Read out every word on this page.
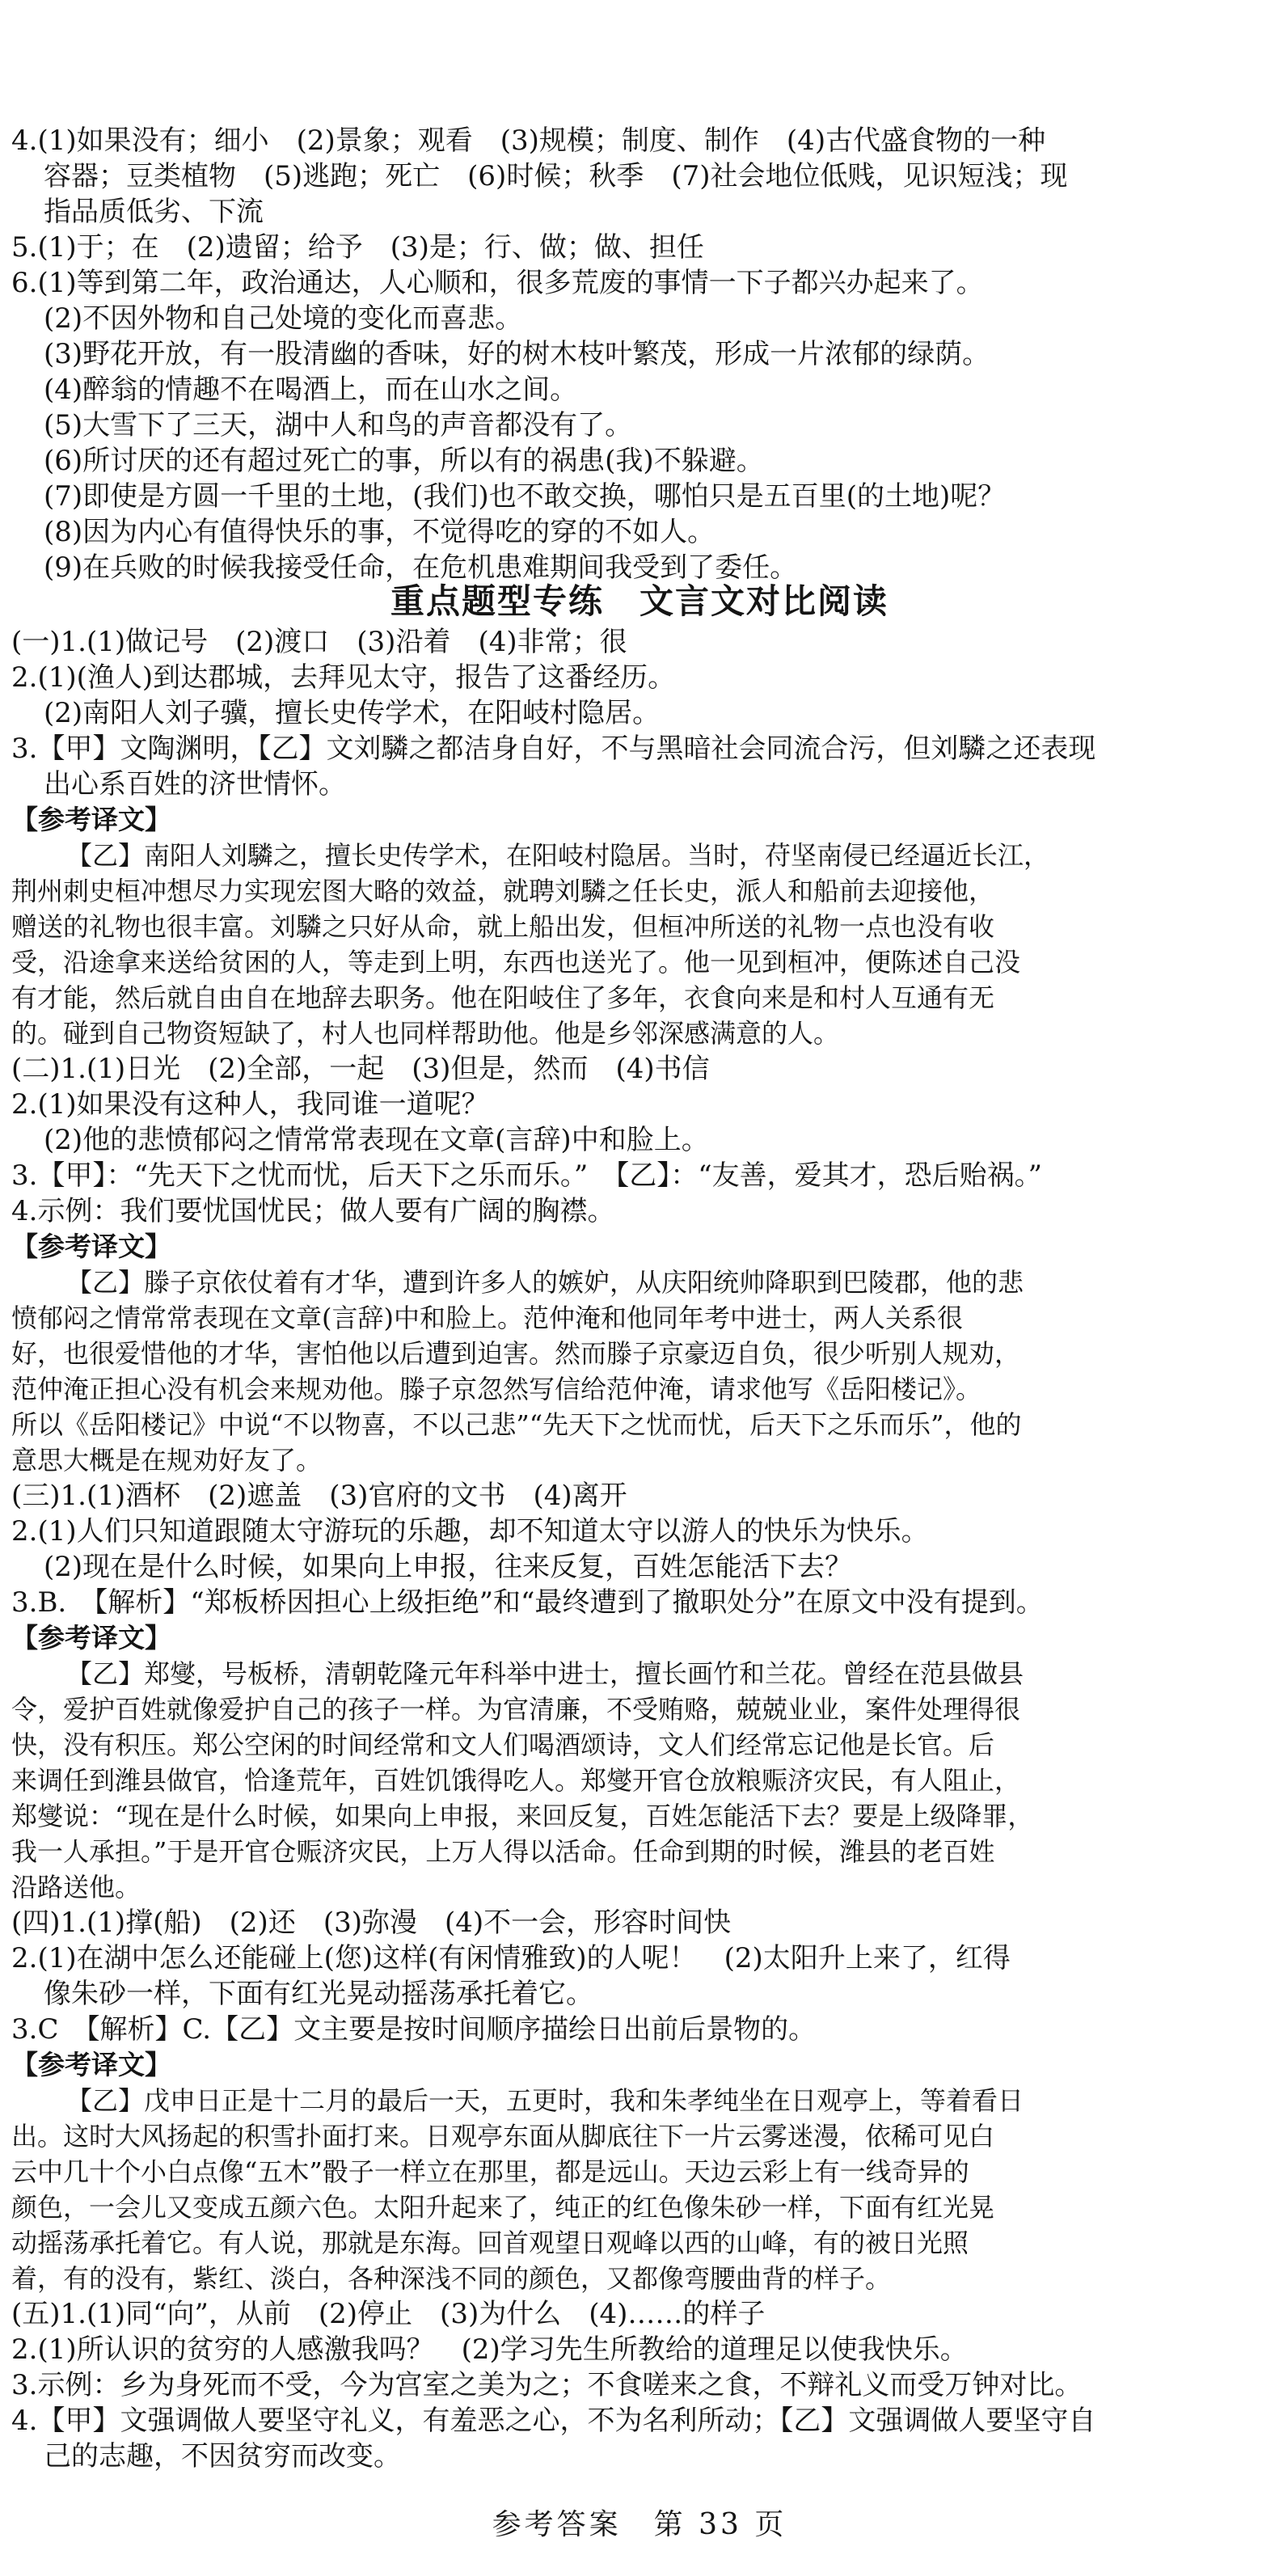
4.(1)如果没有；细小　(2)景象；观看　(3)规模；制度、制作　(4)古代盛食物的一种
容器；豆类植物　(5)逃跑；死亡　(6)时候；秋季　(7)社会地位低贱，见识短浅；现
指品质低劣、下流
5.(1)于；在　(2)遗留；给予　(3)是；行、做；做、担任
6.(1)等到第二年，政治通达，人心顺和，很多荒废的事情一下子都兴办起来了。
(2)不因外物和自己处境的变化而喜悲。
(3)野花开放，有一股清幽的香味，好的树木枝叶繁茂，形成一片浓郁的绿荫。
(4)醉翁的情趣不在喝酒上，而在山水之间。
(5)大雪下了三天，湖中人和鸟的声音都没有了。
(6)所讨厌的还有超过死亡的事，所以有的祸患(我)不躲避。
(7)即使是方圆一千里的土地，(我们)也不敢交换，哪怕只是五百里(的土地)呢？
(8)因为内心有值得快乐的事，不觉得吃的穿的不如人。
(9)在兵败的时候我接受任命，在危机患难期间我受到了委任。
重点题型专练　文言文对比阅读
(一)1.(1)做记号　(2)渡口　(3)沿着　(4)非常；很
2.(1)(渔人)到达郡城，去拜见太守，报告了这番经历。
(2)南阳人刘子骥，擅长史传学术，在阳岐村隐居。
3.【甲】文陶渊明，【乙】文刘驎之都洁身自好，不与黑暗社会同流合污，但刘驎之还表现
出心系百姓的济世情怀。
【参考译文】
【乙】南阳人刘驎之，擅长史传学术，在阳岐村隐居。当时，苻坚南侵已经逼近长江，
荆州刺史桓冲想尽力实现宏图大略的效益，就聘刘驎之任长史，派人和船前去迎接他，
赠送的礼物也很丰富。刘驎之只好从命，就上船出发，但桓冲所送的礼物一点也没有收
受，沿途拿来送给贫困的人，等走到上明，东西也送光了。他一见到桓冲，便陈述自己没
有才能，然后就自由自在地辞去职务。他在阳岐住了多年，衣食向来是和村人互通有无
的。碰到自己物资短缺了，村人也同样帮助他。他是乡邻深感满意的人。
(二)1.(1)日光　(2)全部，一起　(3)但是，然而　(4)书信
2.(1)如果没有这种人，我同谁一道呢？
(2)他的悲愤郁闷之情常常表现在文章(言辞)中和脸上。
3.【甲】：“先天下之忧而忧，后天下之乐而乐。”　【乙】：“友善，爱其才，恐后贻祸。”
4.示例：我们要忧国忧民；做人要有广阔的胸襟。
【参考译文】
【乙】滕子京依仗着有才华，遭到许多人的嫉妒，从庆阳统帅降职到巴陵郡，他的悲
愤郁闷之情常常表现在文章(言辞)中和脸上。范仲淹和他同年考中进士，两人关系很
好，也很爱惜他的才华，害怕他以后遭到迫害。然而滕子京豪迈自负，很少听别人规劝，
范仲淹正担心没有机会来规劝他。滕子京忽然写信给范仲淹，请求他写《岳阳楼记》。
所以《岳阳楼记》中说“不以物喜，不以己悲”“先天下之忧而忧，后天下之乐而乐”，他的
意思大概是在规劝好友了。
(三)1.(1)酒杯　(2)遮盖　(3)官府的文书　(4)离开
2.(1)人们只知道跟随太守游玩的乐趣，却不知道太守以游人的快乐为快乐。
(2)现在是什么时候，如果向上申报，往来反复，百姓怎能活下去？
3.B.　【解析】“郑板桥因担心上级拒绝”和“最终遭到了撤职处分”在原文中没有提到。
【参考译文】
【乙】郑燮，号板桥，清朝乾隆元年科举中进士，擅长画竹和兰花。曾经在范县做县
令，爱护百姓就像爱护自己的孩子一样。为官清廉，不受贿赂，兢兢业业，案件处理得很
快，没有积压。郑公空闲的时间经常和文人们喝酒颂诗，文人们经常忘记他是长官。后
来调任到潍县做官，恰逢荒年，百姓饥饿得吃人。郑燮开官仓放粮赈济灾民，有人阻止，
郑燮说：“现在是什么时候，如果向上申报，来回反复，百姓怎能活下去？要是上级降罪，
我一人承担。”于是开官仓赈济灾民，上万人得以活命。任命到期的时候，潍县的老百姓
沿路送他。
(四)1.(1)撑(船)　(2)还　(3)弥漫　(4)不一会，形容时间快
2.(1)在湖中怎么还能碰上(您)这样(有闲情雅致)的人呢！　(2)太阳升上来了，红得
像朱砂一样，下面有红光晃动摇荡承托着它。
3.C　【解析】C.【乙】文主要是按时间顺序描绘日出前后景物的。
【参考译文】
【乙】戊申日正是十二月的最后一天，五更时，我和朱孝纯坐在日观亭上，等着看日
出。这时大风扬起的积雪扑面打来。日观亭东面从脚底往下一片云雾迷漫，依稀可见白
云中几十个小白点像“五木”骰子一样立在那里，都是远山。天边云彩上有一线奇异的
颜色，一会儿又变成五颜六色。太阳升起来了，纯正的红色像朱砂一样，下面有红光晃
动摇荡承托着它。有人说，那就是东海。回首观望日观峰以西的山峰，有的被日光照
着，有的没有，紫红、淡白，各种深浅不同的颜色，又都像弯腰曲背的样子。
(五)1.(1)同“向”，从前　(2)停止　(3)为什么　(4)……的样子
2.(1)所认识的贫穷的人感激我吗？　(2)学习先生所教给的道理足以使我快乐。
3.示例：乡为身死而不受，今为宫室之美为之；不食嗟来之食，不辩礼义而受万钟对比。
4.【甲】文强调做人要坚守礼义，有羞恶之心，不为名利所动；【乙】文强调做人要坚守自
己的志趣，不因贫穷而改变。
参考答案　第 33 页
